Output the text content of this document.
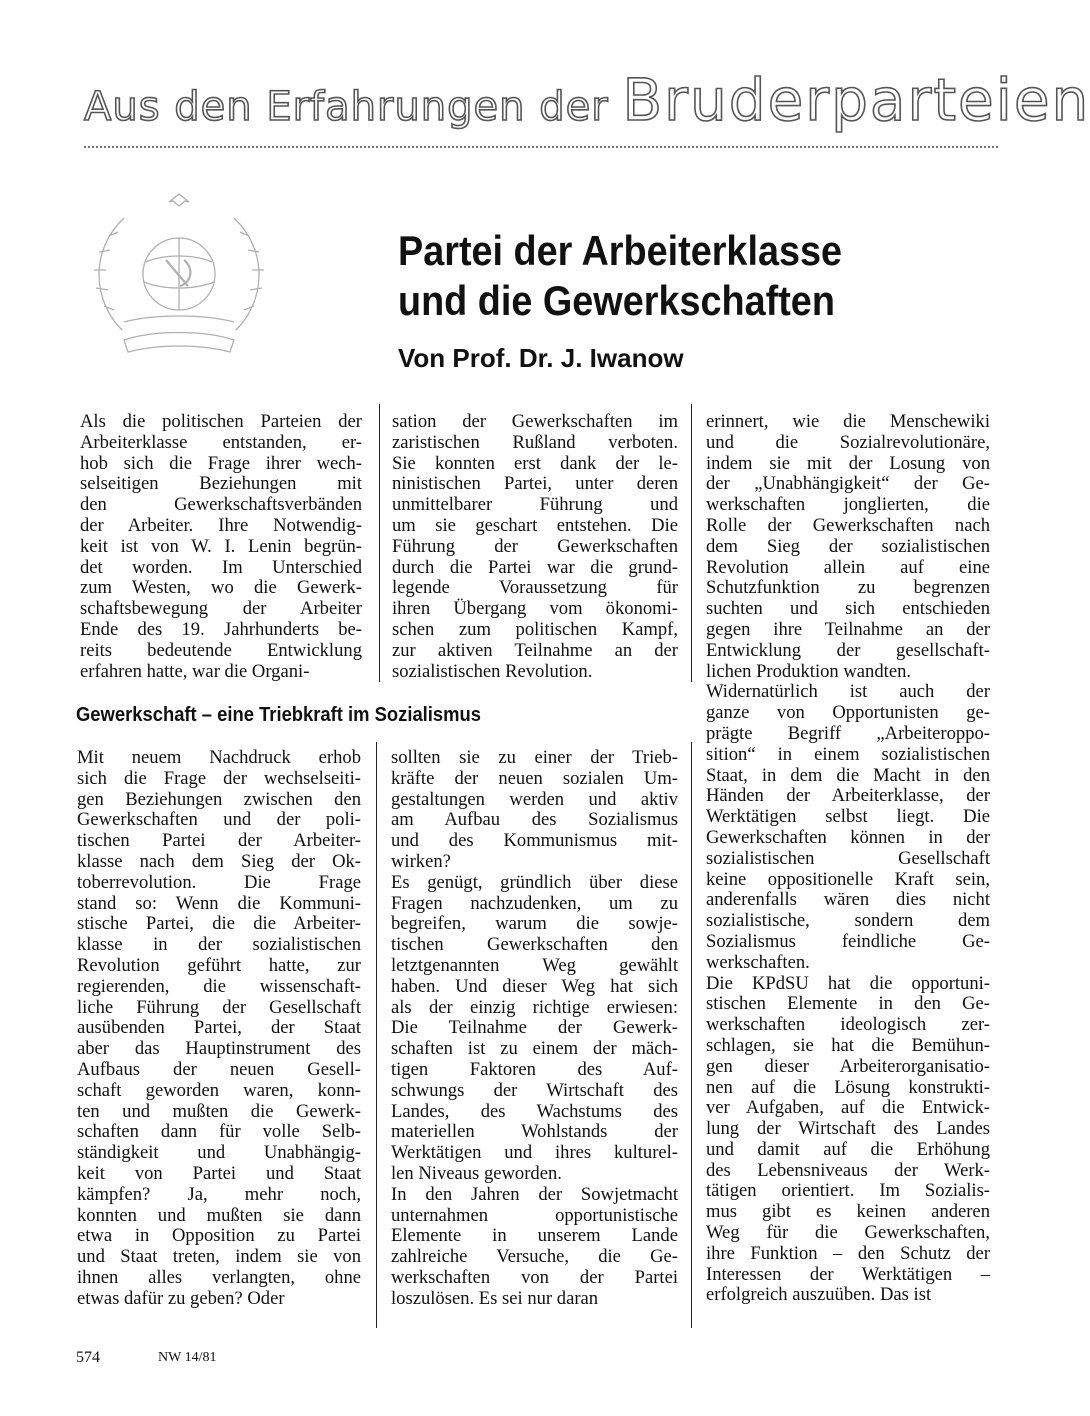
Aus den Erfahrungen der Bruderparteien
Partei der Arbeiterklasse
und die Gewerkschaften

Von Prof. Dr. J. Iwanow

Als die politischen Parteien der
Arbeiterklasse entstanden, er-
hob sich die Frage ihrer wech-
selseitigen Beziehungen mit
den Gewerkschaftsverbänden
der Arbeiter. Ihre Notwendig-
keit ist von W. I. Lenin begrün-
det worden. Im Unterschied
zum Westen, wo die Gewerk-
schaftsbewegung der Arbeiter
Ende des 19. Jahrhunderts be-
reits bedeutende Entwicklung
erfahren hatte, war die Organi-
sation der Gewerkschaften im
zaristischen Rußland verboten.
Sie konnten erst dank der le-
ninistischen Partei, unter deren
unmittelbarer Führung und
um sie geschart entstehen. Die
Führung der Gewerkschaften
durch die Partei war die grund-
legende Voraussetzung für
ihren Übergang vom ökonomi-
schen zum politischen Kampf,
zur aktiven Teilnahme an der
sozialistischen Revolution.
Gewerkschaft – eine Triebkraft im Sozialismus
Mit neuem Nachdruck erhob
sich die Frage der wechselseiti-
gen Beziehungen zwischen den
Gewerkschaften und der poli-
tischen Partei der Arbeiter-
klasse nach dem Sieg der Ok-
toberrevolution. Die Frage
stand so: Wenn die Kommuni-
stische Partei, die die Arbeiter-
klasse in der sozialistischen
Revolution geführt hatte, zur
regierenden, die wissenschaft-
liche Führung der Gesellschaft
ausübenden Partei, der Staat
aber das Hauptinstrument des
Aufbaus der neuen Gesell-
schaft geworden waren, konn-
ten und mußten die Gewerk-
schaften dann für volle Selb-
ständigkeit und Unabhängig-
keit von Partei und Staat
kämpfen? Ja, mehr noch,
konnten und mußten sie dann
etwa in Opposition zu Partei
und Staat treten, indem sie von
ihnen alles verlangten, ohne
etwas dafür zu geben? Oder
sollten sie zu einer der Trieb-
kräfte der neuen sozialen Um-
gestaltungen werden und aktiv
am Aufbau des Sozialismus
und des Kommunismus mit-
wirken?
Es genügt, gründlich über diese
Fragen nachzudenken, um zu
begreifen, warum die sowje-
tischen Gewerkschaften den
letztgenannten Weg gewählt
haben. Und dieser Weg hat sich
als der einzig richtige erwiesen:
Die Teilnahme der Gewerk-
schaften ist zu einem der mäch-
tigen Faktoren des Auf-
schwungs der Wirtschaft des
Landes, des Wachstums des
materiellen Wohlstands der
Werktätigen und ihres kulturel-
len Niveaus geworden.
In den Jahren der Sowjetmacht
unternahmen opportunistische
Elemente in unserem Lande
zahlreiche Versuche, die Ge-
werkschaften von der Partei
loszulösen. Es sei nur daran
erinnert, wie die Menschewiki
und die Sozialrevolutionäre,
indem sie mit der Losung von
der „Unabhängigkeit“ der Ge-
werkschaften jonglierten, die
Rolle der Gewerkschaften nach
dem Sieg der sozialistischen
Revolution allein auf eine
Schutzfunktion zu begrenzen
suchten und sich entschieden
gegen ihre Teilnahme an der
Entwicklung der gesellschaft-
lichen Produktion wandten.
Widernatürlich ist auch der
ganze von Opportunisten ge-
prägte Begriff „Arbeiteroppo-
sition“ in einem sozialistischen
Staat, in dem die Macht in den
Händen der Arbeiterklasse, der
Werktätigen selbst liegt. Die
Gewerkschaften können in der
sozialistischen Gesellschaft
keine oppositionelle Kraft sein,
anderenfalls wären dies nicht
sozialistische, sondern dem
Sozialismus feindliche Ge-
werkschaften.
Die KPdSU hat die opportuni-
stischen Elemente in den Ge-
werkschaften ideologisch zer-
schlagen, sie hat die Bemühun-
gen dieser Arbeiterorganisatio-
nen auf die Lösung konstrukti-
ver Aufgaben, auf die Entwick-
lung der Wirtschaft des Landes
und damit auf die Erhöhung
des Lebensniveaus der Werk-
tätigen orientiert. Im Sozialis-
mus gibt es keinen anderen
Weg für die Gewerkschaften,
ihre Funktion – den Schutz der
Interessen der Werktätigen –
erfolgreich auszuüben. Das ist
574	NW 14/81
